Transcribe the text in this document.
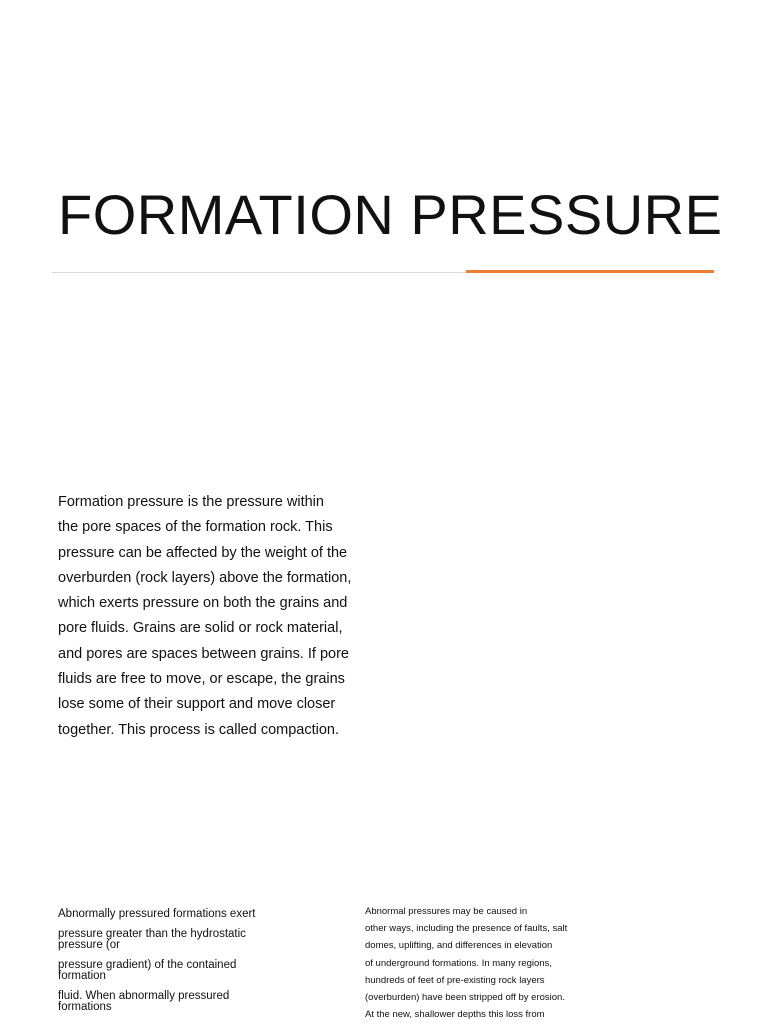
FORMATION PRESSURE
Formation pressure is the pressure within
the pore spaces of the formation rock. This
pressure can be affected by the weight of the
overburden (rock layers) above the formation,
which exerts pressure on both the grains and
pore fluids. Grains are solid or rock material,
and pores are spaces between grains. If pore
fluids are free to move, or escape, the grains
lose some of their support and move closer
together. This process is called compaction.
Abnormally pressured formations exert
pressure greater than the hydrostatic
pressure (or
pressure gradient) of the contained
formation
fluid. When abnormally pressured
formations
Abnormal pressures may be caused in
other ways, including the presence of faults, salt
domes, uplifting, and differences in elevation
of underground formations. In many regions,
hundreds of feet of pre-existing rock layers
(overburden) have been stripped off by erosion.
At the new, shallower depths this loss from
